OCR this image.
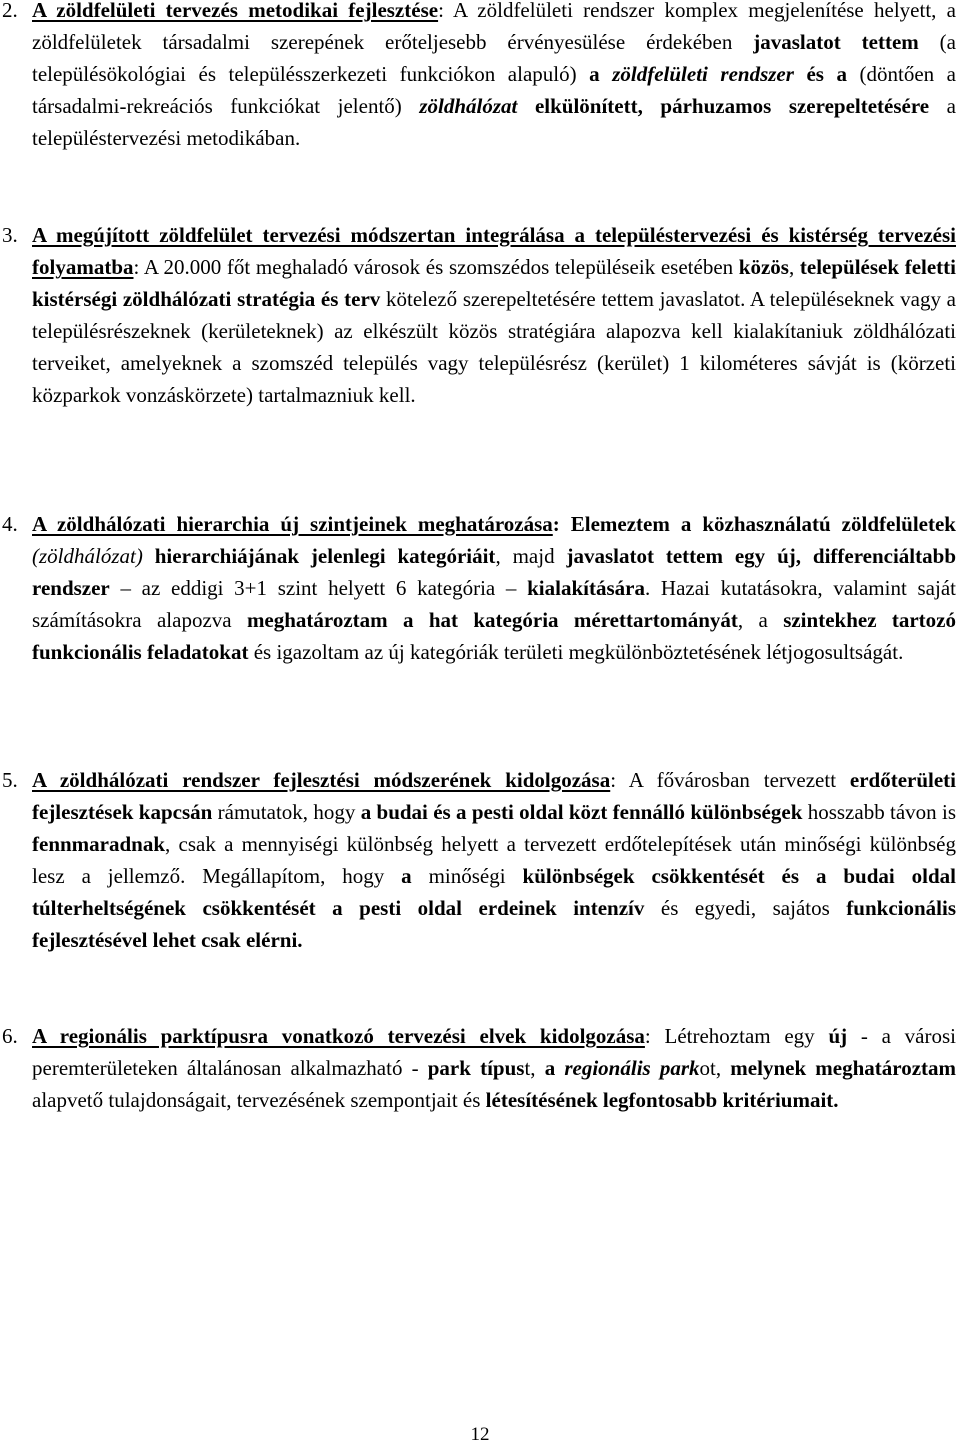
2. A zöldfelületi tervezés metodikai fejlesztése: A zöldfelületi rendszer komplex megjelenítése helyett, a zöldfelületek társadalmi szerepének erőteljesebb érvényesülése érdekében javaslatot tettem (a településökológiai és településszerkezeti funkciókon alapuló) a zöldfelületi rendszer és a (döntően a társadalmi-rekreációs funkciókat jelentő) zöldhálózat elkülönített, párhuzamos szerepeltetésére a településtervezési metodikában.
3. A megújított zöldfelület tervezési módszertan integrálása a településtervezési és kistérség tervezési folyamatba: A 20.000 főt meghaladó városok és szomszédos településeik esetében közös, települések feletti kistérségi zöldhálózati stratégia és terv kötelező szerepeltetésére tettem javaslatot. A településeknek vagy a településrészeknek (kerületeknek) az elkészült közös stratégiára alapozva kell kialakítaniuk zöldhálózati terveiket, amelyeknek a szomszéd település vagy településrész (kerület) 1 kilométeres sávját is (körzeti közparkok vonzáskörzete) tartalmazniuk kell.
4. A zöldhálózati hierarchia új szintjeinek meghatározása: Elemeztem a közhasználatú zöldfelületek (zöldhálózat) hierarchiájának jelenlegi kategóriáit, majd javaslatot tettem egy új, differenciáltabb rendszer – az eddigi 3+1 szint helyett 6 kategória – kialakítására. Hazai kutatásokra, valamint saját számításokra alapozva meghatároztam a hat kategória mérettartományát, a szintekhez tartozó funkcionális feladatokat és igazoltam az új kategóriák területi megkülönböztetésének létjogosultságát.
5. A zöldhálózati rendszer fejlesztési módszerének kidolgozása: A fővárosban tervezett erdőterületi fejlesztések kapcsán rámutatok, hogy a budai és a pesti oldal közt fennálló különbségek hosszabb távon is fennmaradnak, csak a mennyiségi különbség helyett a tervezett erdőtelepítések után minőségi különbség lesz a jellemző. Megállapítom, hogy a minőségi különbségek csökkentését és a budai oldal túlterheltségének csökkentését a pesti oldal erdeinek intenzív és egyedi, sajátos funkcionális fejlesztésével lehet csak elérni.
6. A regionális parktípusra vonatkozó tervezési elvek kidolgozása: Létrehoztam egy új - a városi peremterületeken általánosan alkalmazható - park típust, a regionális parkot, melynek meghatároztam alapvető tulajdonságait, tervezésének szempontjait és létesítésének legfontosabb kritériumait.
12
